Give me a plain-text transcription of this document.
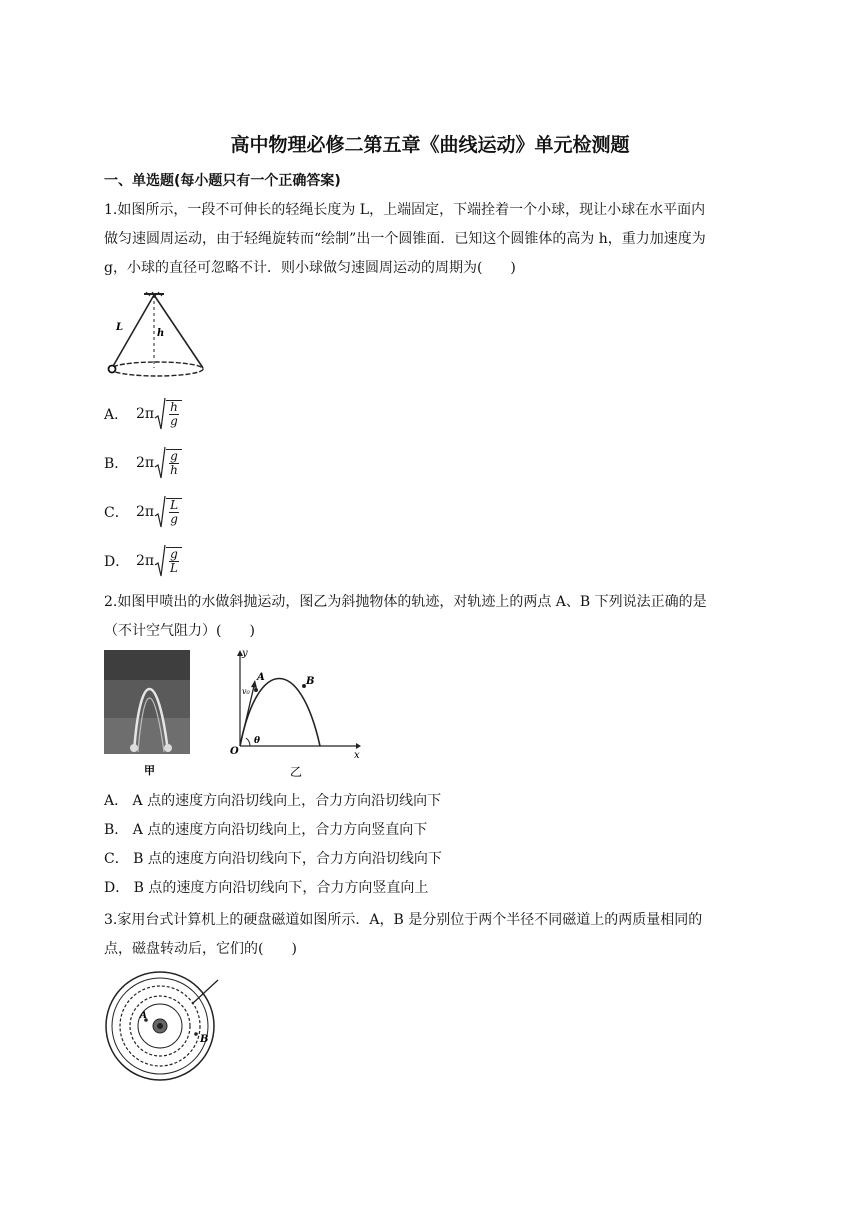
高中物理必修二第五章《曲线运动》单元检测题
一、单选题(每小题只有一个正确答案)
1.如图所示，一段不可伸长的轻绳长度为 L，上端固定，下端拴着一个小球，现让小球在水平面内
做匀速圆周运动，由于轻绳旋转而“绘制”出一个圆锥面．已知这个圆锥体的高为 h，重力加速度为
g，小球的直径可忽略不计．则小球做匀速圆周运动的周期为(　　)
L
h
A． $2\pi \frac{h}{g}$
B． $2\pi \frac{g}{h}$
C． $2\pi \frac{L}{g}$
D． $2\pi \frac{g}{L}$
2.如图甲喷出的水做斜抛运动，图乙为斜抛物体的轨迹，对轨迹上的两点 A、B 下列说法正确的是
（不计空气阻力）(　　)
甲
y
x
O
A	B
θ
v₀
乙
A． A 点的速度方向沿切线向上，合力方向沿切线向下
B． A 点的速度方向沿切线向上，合力方向竖直向下
C． B 点的速度方向沿切线向下，合力方向沿切线向下
D． B 点的速度方向沿切线向下，合力方向竖直向上
3.家用台式计算机上的硬盘磁道如图所示．A，B 是分别位于两个半径不同磁道上的两质量相同的
点，磁盘转动后，它们的(　　)
A
B
